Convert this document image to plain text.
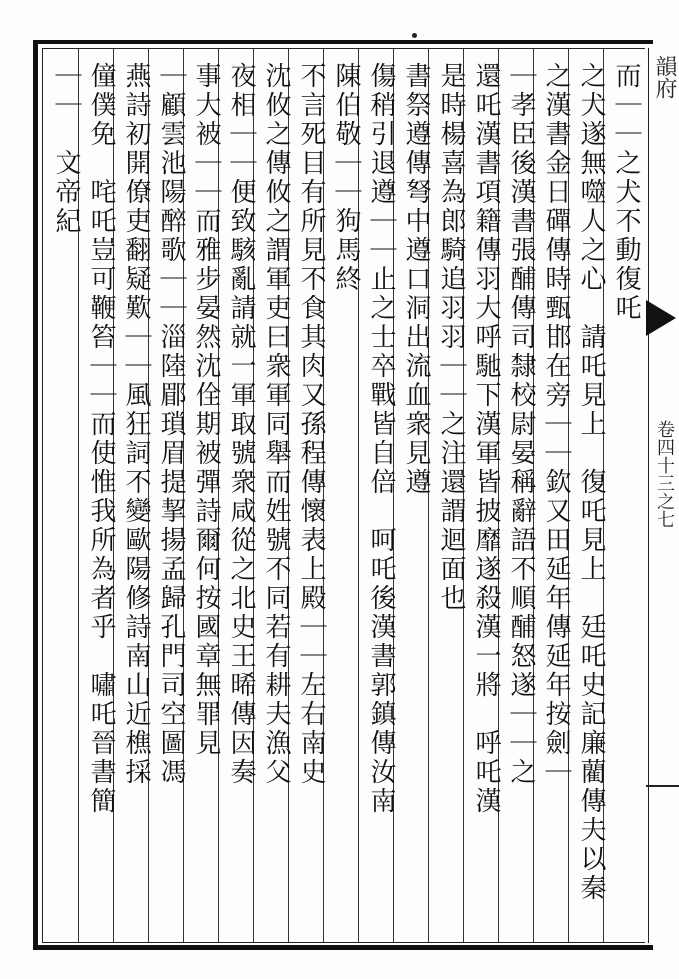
而｜｜之犬不動復吒
之犬遂無噬人之心　請吒見上　復吒見上　廷吒史記廉藺傳夫以秦
之漢書金日磾傳時甄邯在旁｜｜欽又田延年傳延年按劍｜
｜孝臣後漢書張酺傳司隸校尉晏稱辭語不順酺怒遂｜｜之
還吒漢書項籍傳羽大呼馳下漢軍皆披靡遂殺漢一將　呼吒漢
是時楊喜為郎騎追羽羽｜｜之注還謂迴面也
書祭遵傳弩中遵口洞出流血衆見遵
傷稍引退遵｜｜止之士卒戰皆自倍　呵吒後漢書郭鎮傳汝南
陳伯敬｜｜狗馬終
不言死目有所見不食其肉又孫程傳懷表上殿｜｜左右南史
沈攸之傳攸之謂軍吏曰衆軍同舉而姓號不同若有耕夫漁父
夜相｜｜便致駭亂請就一軍取號衆咸從之北史王晞傳因奏
事大被｜｜而雅步晏然沈佺期被彈詩爾何按國章無罪見
｜顧雲池陽醉歌｜｜淄陸郿瑣眉提挈揚孟歸孔門司空圖馮
燕詩初開僚吏翻疑歎｜｜風狂詞不變歐陽修詩南山近樵採
僮僕免　咤吒豈可鞭笞｜｜而使惟我所為者乎　嘯吒晉書簡
｜｜　文帝紀	韻府
卷四十三之七
